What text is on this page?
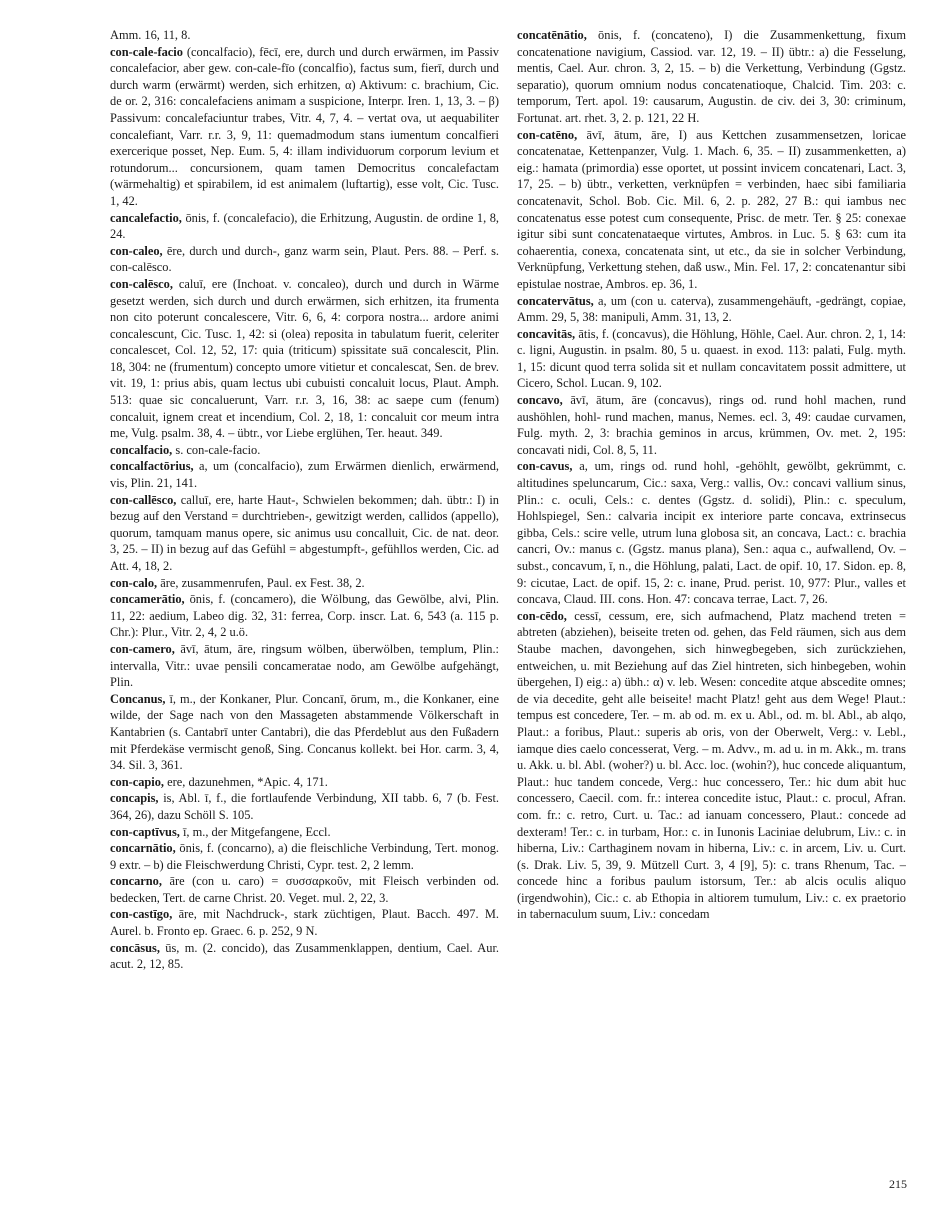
Amm. 16, 11, 8.

con-cale-facio (concalfacio), fēcī, ere, durch und durch erwärmen, im Passiv concalefacior, aber gew. con-cale-fīo (concalfio), factus sum, fierī, durch und durch warm (erwärmt) werden, sich erhitzen, α) Aktivum: c. brachium, Cic. de or. 2, 316: concalefaciens animam a suspicione, Interpr. Iren. 1, 13, 3. – β) Passivum: concalefaciuntur trabes, Vitr. 4, 7, 4. – vertat ova, ut aequabiliter concalefiant, Varr. r.r. 3, 9, 11: quemadmodum stans iumentum concalfieri exercerique posset, Nep. Eum. 5, 4: illam individuorum corporum levium et rotundorum... concursionem, quam tamen Democritus concalefactam (wärmehaltig) et spirabilem, id est animalem (luftartig), esse volt, Cic. Tusc. 1, 42.

cancalefactio, ōnis, f. (concalefacio), die Erhitzung, Augustin. de ordine 1, 8, 24.

con-caleo, ēre, durch und durch-, ganz warm sein, Plaut. Pers. 88. – Perf. s. con-calēsco.

con-calēsco, caluī, ere (Inchoat. v. concaleo), durch und durch in Wärme gesetzt werden, sich durch und durch erwärmen, sich erhitzen, ita frumenta non cito poterunt concalescere, Vitr. 6, 6, 4: corpora nostra... ardore animi concalescunt, Cic. Tusc. 1, 42: si (olea) reposita in tabulatum fuerit, celeriter concalescet, Col. 12, 52, 17: quia (triticum) spissitate suā concalescit, Plin. 18, 304: ne (frumentum) concepto umore vitietur et concalescat, Sen. de brev. vit. 19, 1: prius abis, quam lectus ubi cubuisti concaluit locus, Plaut. Amph. 513: quae sic concaluerunt, Varr. r.r. 3, 16, 38: ac saepe cum (fenum) concaluit, ignem creat et incendium, Col. 2, 18, 1: concaluit cor meum intra me, Vulg. psalm. 38, 4. – übtr., vor Liebe erglühen, Ter. heaut. 349.

concalfacio, s. con-cale-facio.

concalfactōrius, a, um (concalfacio), zum Erwärmen dienlich, erwärmend, vis, Plin. 21, 141.

con-callēsco, calluī, ere, harte Haut-, Schwielen bekommen; dah. übtr.: I) in bezug auf den Verstand = durchtrieben-, gewitzigt werden, callidos (appello), quorum, tamquam manus opere, sic animus usu concalluit, Cic. de nat. deor. 3, 25. – II) in bezug auf das Gefühl = abgestumpft-, gefühllos werden, Cic. ad Att. 4, 18, 2.

con-calo, āre, zusammenrufen, Paul. ex Fest. 38, 2.

concamerātio, ōnis, f. (concamero), die Wölbung, das Gewölbe, alvi, Plin. 11, 22: aedium, Labeo dig. 32, 31: ferrea, Corp. inscr. Lat. 6, 543 (a. 115 p. Chr.): Plur., Vitr. 2, 4, 2 u.ö.

con-camero, āvī, ātum, āre, ringsum wölben, überwölben, templum, Plin.: intervalla, Vitr.: uvae pensili concameratae nodo, am Gewölbe aufgehängt, Plin.

Concanus, ī, m., der Konkaner, Plur. Concanī, ōrum, m., die Konkaner, eine wilde, der Sage nach von den Massageten abstammende Völkerschaft in Kantabrien (s. Cantabrī unter Cantabri), die das Pferdeblut aus den Fußadern mit Pferdekäse vermischt genoß, Sing. Concanus kollekt. bei Hor. carm. 3, 4, 34. Sil. 3, 361.

con-capio, ere, dazunehmen, *Apic. 4, 171.

concapis, is, Abl. ī, f., die fortlaufende Verbindung, XII tabb. 6, 7 (b. Fest. 364, 26), dazu Schöll S. 105.

con-captīvus, ī, m., der Mitgefangene, Eccl.

concarnātio, ōnis, f. (concarno), a) die fleischliche Verbindung, Tert. monog. 9 extr. – b) die Fleischwerdung Christi, Cypr. test. 2, 2 lemm.

concarno, āre (con u. caro) = συσσαρκοῦν, mit Fleisch verbinden od. bedecken, Tert. de carne Christ. 20. Veget. mul. 2, 22, 3.

con-castīgo, āre, mit Nachdruck-, stark züchtigen, Plaut. Bacch. 497. M. Aurel. b. Fronto ep. Graec. 6. p. 252, 9 N.

concāsus, ūs, m. (2. concido), das Zusammenklappen, dentium, Cael. Aur. acut. 2, 12, 85.

concatēnātio, ōnis, f. (concateno), I) die Zusammenkettung, fixum concatenatione navigium, Cassiod. var. 12, 19. – II) übtr.: a) die Fesselung, mentis, Cael. Aur. chron. 3, 2, 15. – b) die Verkettung, Verbindung (Ggstz. separatio), quorum omnium nodus concatenatioque, Chalcid. Tim. 203: c. temporum, Tert. apol. 19: causarum, Augustin. de civ. dei 3, 30: criminum, Fortunat. art. rhet. 3, 2. p. 121, 22 H.

con-catēno, āvī, ātum, āre, I) aus Kettchen zusammensetzen, loricae concatenatae, Kettenpanzer, Vulg. 1. Mach. 6, 35. – II) zusammenketten, a) eig.: hamata (primordia) esse oportet, ut possint invicem concatenari, Lact. 3, 17, 25. – b) übtr., verketten, verknüpfen = verbinden, haec sibi familiaria concatenavit, Schol. Bob. Cic. Mil. 6, 2. p. 282, 27 B.: qui iambus nec concatenatus esse potest cum consequente, Prisc. de metr. Ter. § 25: conexae igitur sibi sunt concatenataeque virtutes, Ambros. in Luc. 5. § 63: cum ita cohaerentia, conexa, concatenata sint, ut etc., da sie in solcher Verbindung, Verknüpfung, Verkettung stehen, daß usw., Min. Fel. 17, 2: concatenantur sibi epistulae nostrae, Ambros. ep. 36, 1.

concatervātus, a, um (con u. caterva), zusammengehäuft, -gedrängt, copiae, Amm. 29, 5, 38: manipuli, Amm. 31, 13, 2.

concavitās, ātis, f. (concavus), die Höhlung, Höhle, Cael. Aur. chron. 2, 1, 14: c. ligni, Augustin. in psalm. 80, 5 u. quaest. in exod. 113: palati, Fulg. myth. 1, 15: dicunt quod terra solida sit et nullam concavitatem possit admittere, ut Cicero, Schol. Lucan. 9, 102.

concavo, āvī, ātum, āre (concavus), rings od. rund hohl machen, rund aushöhlen, hohl- rund machen, manus, Nemes. ecl. 3, 49: caudae curvamen, Fulg. myth. 2, 3: brachia geminos in arcus, krümmen, Ov. met. 2, 195: concavati nidi, Col. 8, 5, 11.

con-cavus, a, um, rings od. rund hohl, -gehöhlt, gewölbt, gekrümmt, c. altitudines speluncarum, Cic.: saxa, Verg.: vallis, Ov.: concavi vallium sinus, Plin.: c. oculi, Cels.: c. dentes (Ggstz. d. solidi), Plin.: c. speculum, Hohlspiegel, Sen.: calvaria incipit ex interiore parte concava, extrinsecus gibba, Cels.: scire velle, utrum luna globosa sit, an concava, Lact.: c. brachia cancri, Ov.: manus c. (Ggstz. manus plana), Sen.: aqua c., aufwallend, Ov. – subst., concavum, ī, n., die Höhlung, palati, Lact. de opif. 10, 17. Sidon. ep. 8, 9: cicutae, Lact. de opif. 15, 2: c. inane, Prud. perist. 10, 977: Plur., valles et concava, Claud. III. cons. Hon. 47: concava terrae, Lact. 7, 26.

con-cēdo, cessī, cessum, ere, sich aufmachend, Platz machend treten = abtreten (abziehen), beiseite treten od. gehen, das Feld räumen, sich aus dem Staube machen, davongehen, sich hinwegbegeben, sich zurückziehen, entweichen, u. mit Beziehung auf das Ziel hintreten, sich hinbegeben, wohin übergehen, I) eig.: a) übh.: α) v. leb. Wesen: concedite atque abscedite omnes; de via decedite, geht alle beiseite! macht Platz! geht aus dem Wege! Plaut.: tempus est concedere, Ter. – m. ab od. m. ex u. Abl., od. m. bl. Abl., ab alqo, Plaut.: a foribus, Plaut.: superis ab oris, von der Oberwelt, Verg.: v. Lebl., iamque dies caelo concesserat, Verg. – m. Advv., m. ad u. in m. Akk., m. trans u. Akk. u. bl. Abl. (woher?) u. bl. Acc. loc. (wohin?), huc concede aliquantum, Plaut.: huc tandem concede, Verg.: huc concessero, Ter.: hic dum abit huc concessero, Caecil. com. fr.: interea concedite istuc, Plaut.: c. procul, Afran. com. fr.: c. retro, Curt. u. Tac.: ad ianuam concessero, Plaut.: concede ad dexteram! Ter.: c. in turbam, Hor.: c. in Iunonis Laciniae delubrum, Liv.: c. in hiberna, Liv.: Carthaginem novam in hiberna, Liv.: c. in arcem, Liv. u. Curt. (s. Drak. Liv. 5, 39, 9. Mützell Curt. 3, 4 [9], 5): c. trans Rhenum, Tac. – concede hinc a foribus paulum istorsum, Ter.: ab alcis oculis aliquo (irgendwohin), Cic.: c. ab Ethopia in altiorem tumulum, Liv.: c. ex praetorio in tabernaculum suum, Liv.: concedam

215
